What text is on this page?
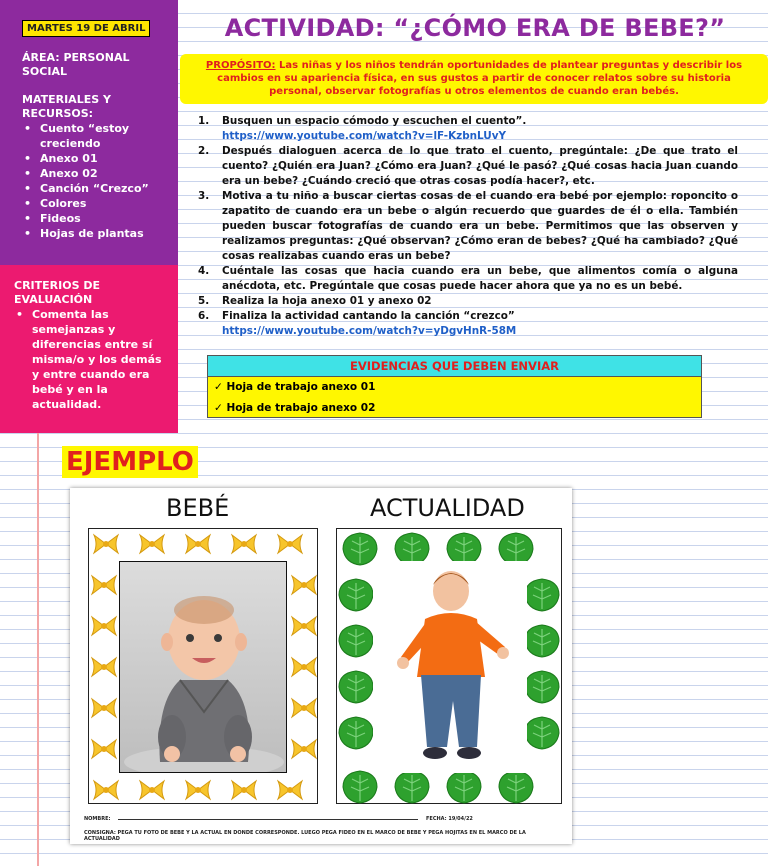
MARTES 19 DE ABRIL
ÁREA: PERSONAL SOCIAL
MATERIALES Y RECURSOS:
• Cuento “estoy creciendo
• Anexo 01
• Anexo 02
• Canción “Crezco”
• Colores
• Fideos
• Hojas de plantas
CRITERIOS DE EVALUACIÓN
• Comenta las semejanzas y diferencias entre sí misma/o y los demás y entre cuando era bebé y en la actualidad.
ACTIVIDAD: “¿CÓMO ERA DE BEBE?”
PROPÓSITO: Las niñas y los niños tendrán oportunidades de plantear preguntas y describir los cambios en su apariencia física, en sus gustos a partir de conocer relatos sobre su historia personal, observar fotografías u otros elementos de cuando eran bebés.
1.	Busquen un espacio cómodo y escuchen el cuento”.
https://www.youtube.com/watch?v=lF-KzbnLUvY
2.	Después dialoguen acerca de lo que trato el cuento, pregúntale: ¿De que trato el cuento? ¿Quién era Juan? ¿Cómo era Juan? ¿Qué le pasó? ¿Qué cosas hacia Juan cuando era un bebe? ¿Cuándo creció que otras cosas podía hacer?, etc.
3.	Motiva a tu niño a buscar ciertas cosas de el cuando era bebé por ejemplo: roponcito o zapatito de cuando era un bebe o algún recuerdo que guardes de él o ella. También pueden buscar fotografías de cuando era un bebe. Permitimos que las observen y realizamos preguntas: ¿Qué observan? ¿Cómo eran de bebes? ¿Qué ha cambiado? ¿Qué cosas realizabas cuando eras un bebe?
4.	Cuéntale las cosas que hacia cuando era un bebe, que alimentos comía o alguna anécdota, etc. Pregúntale que cosas puede hacer ahora que ya no es un bebé.
5.	Realiza la hoja anexo 01 y anexo 02
6.	Finaliza la actividad cantando la canción “crezco”
https://www.youtube.com/watch?v=yDgvHnR-58M
EVIDENCIAS QUE DEBEN ENVIAR
✓ Hoja de trabajo anexo 01
✓ Hoja de trabajo anexo 02
EJEMPLO
BEBÉ	ACTUALIDAD
NOMBRE:	FECHA: 19/04/22
CONSIGNA: PEGA TU FOTO DE BEBE Y LA ACTUAL EN DONDE CORRESPONDE. LUEGO PEGA FIDEO EN EL MARCO DE BEBE Y PEGA HOJITAS EN EL MARCO DE LA ACTUALIDAD
